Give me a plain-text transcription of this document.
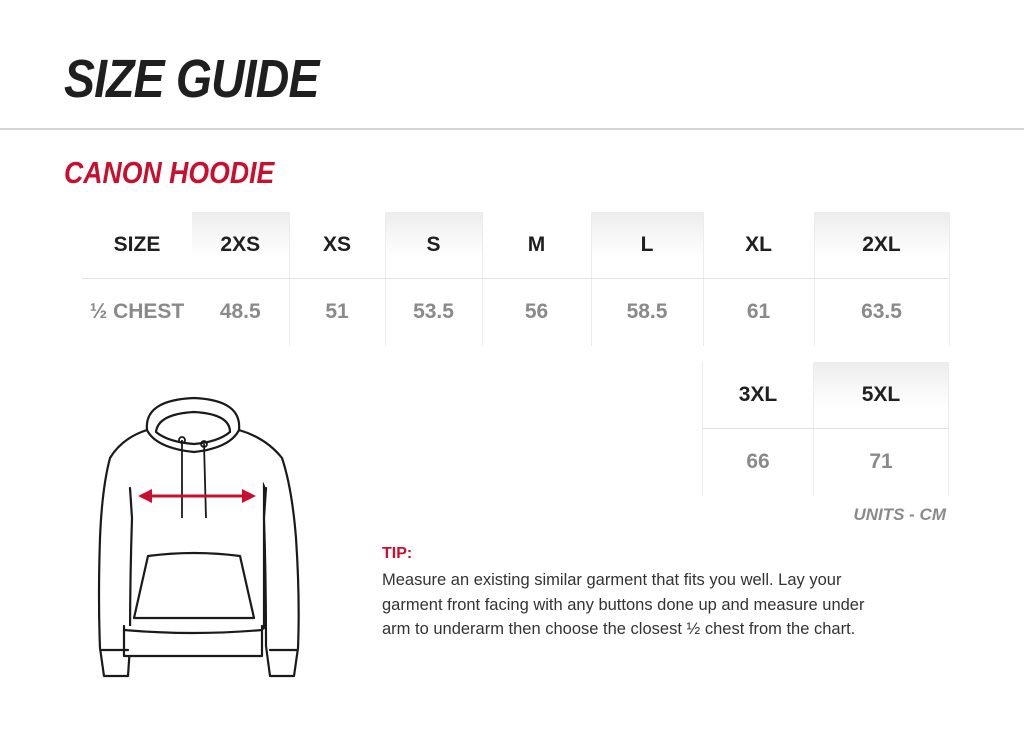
SIZE GUIDE
CANON HOODIE
SIZE	2XS	XS	S	M	L	XL	2XL
½ CHEST	48.5	51	53.5	56	58.5	61	63.5
3XL	5XL
66	71
UNITS - CM
TIP:
Measure an existing similar garment that fits you well. Lay your
garment front facing with any buttons done up and measure under
arm to underarm then choose the closest ½ chest from the chart.
